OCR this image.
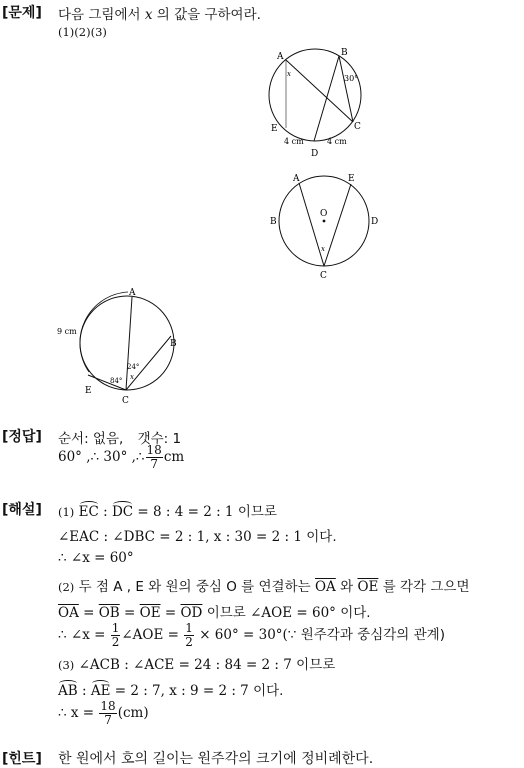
[문제] 다음 그림에서 x 의 값을 구하여라.
(1)(2)(3)
A	B
C
D
E
x	30°
4 cm	4 cm
A	E
B	D
O
C
x
A
B
C
E
9 cm
24°
84° x
[정답] 순서: 없음, 갯수: 1
60° ,∴ 30° ,∴ $\frac{18}{7}$ cm
[해설] (1) EC : DC = 8 : 4 = 2 : 1 이므로
∠EAC : ∠DBC = 2 : 1, x : 30 = 2 : 1 이다.
∴ ∠x = 60°
(2) 두 점 A , E 와 원의 중심 O 를 연결하는 $\overline{OA}$ 와 $\overline{OE}$ 를 각각 그으면
$\overline{OA} = \overline{OB} = \overline{OE} = \overline{OD}$ 이므로 ∠AOE = 60° 이다.
∴ ∠x = $\frac{1}{2}$ ∠AOE = $\frac{1}{2} \times 60^\circ$ = 30°(∵ 원주각과 중심각의 관계)
(3) ∠ACB : ∠ACE = 24 : 84 = 2 : 7 이므로
AB : AE = 2 : 7, x : 9 = 2 : 7 이다.
∴ $x = \frac{18}{7} (cm)$
[힌트] 한 원에서 호의 길이는 원주각의 크기에 정비례한다.
